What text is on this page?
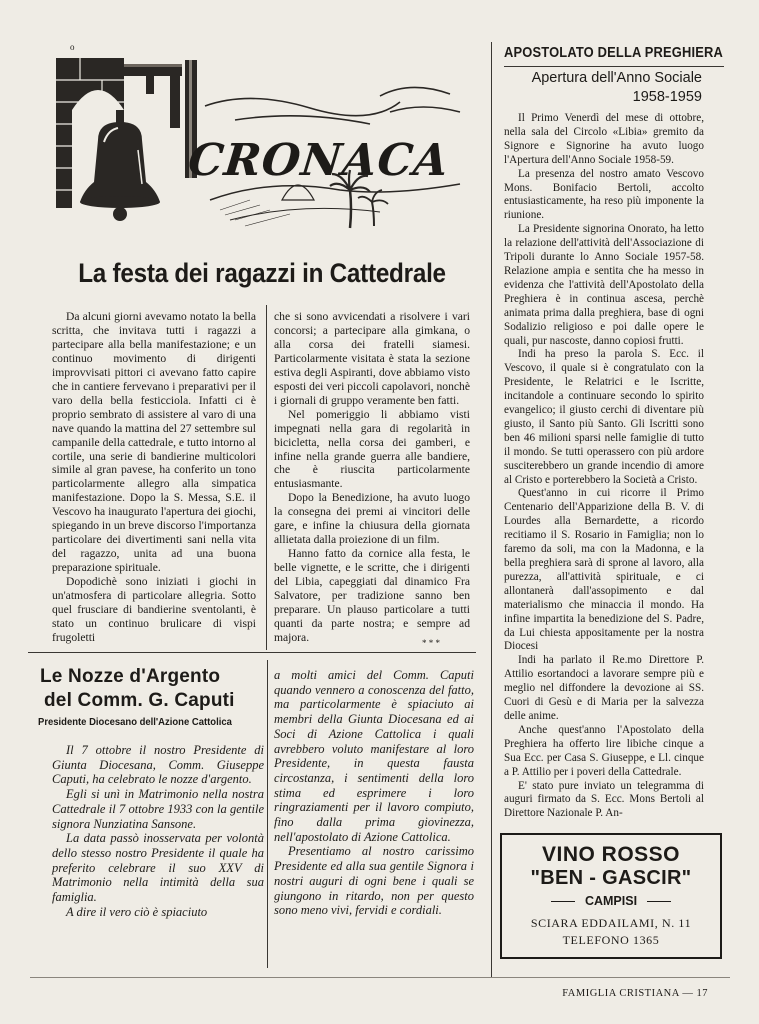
CRONACA
o
La festa dei ragazzi in Cattedrale

Da alcuni giorni avevamo notato la bella scritta, che invitava tutti i ragazzi a partecipare alla bella manifestazione; e un continuo movimento di dirigenti improvvisati pittori ci avevano fatto capire che in cantiere fervevano i preparativi per il varo della bella festicciola. Infatti ci è proprio sembrato di assistere al varo di una nave quando la mattina del 27 settembre sul campanile della cattedrale, e tutto intorno al cortile, una serie di bandierine multicolori simile al gran pavese, ha conferito un tono particolarmente allegro alla simpatica manifestazione. Dopo la S. Messa, S.E. il Vescovo ha inaugurato l'apertura dei giochi, spiegando in un breve discorso l'importanza particolare dei divertimenti sani nella vita del ragazzo, unita ad una buona preparazione spirituale.

Dopodichè sono iniziati i giochi in un'atmosfera di particolare allegria. Sotto quel frusciare di bandierine sventolanti, è stato un continuo brulicare di vispi frugoletti

che si sono avvicendati a risolvere i vari concorsi; a partecipare alla gimkana, o alla corsa dei fratelli siamesi. Particolarmente visitata è stata la sezione estiva degli Aspiranti, dove abbiamo visto esposti dei veri piccoli capolavori, nonchè i giornali di gruppo veramente ben fatti.

Nel pomeriggio li abbiamo visti impegnati nella gara di regolarità in bicicletta, nella corsa dei gamberi, e infine nella grande guerra alle bandiere, che è riuscita particolarmente entusiasmante.

Dopo la Benedizione, ha avuto luogo la consegna dei premi ai vincitori delle gare, e infine la chiusura della giornata allietata dalla proiezione di un film.

Hanno fatto da cornice alla festa, le belle vignette, e le scritte, che i dirigenti del Libia, capeggiati dal dinamico Fra Salvatore, per tradizione sanno ben preparare. Un plauso particolare a tutti quanti da parte nostra; e sempre ad majora.	* * *
Le Nozze d'Argento
del Comm. G. Caputi
Presidente Diocesano dell'Azione Cattolica

Il 7 ottobre il nostro Presidente di Giunta Diocesana, Comm. Giuseppe Caputi, ha celebrato le nozze d'argento.

Egli si unì in Matrimonio nella nostra Cattedrale il 7 ottobre 1933 con la gentile signora Nunziatina Sansone.

La data passò inosservata per volontà dello stesso nostro Presidente il quale ha preferito celebrare il suo XXV di Matrimonio nella intimità della sua famiglia.

A dire il vero ciò è spiaciuto

a molti amici del Comm. Caputi quando vennero a conoscenza del fatto, ma particolarmente è spiaciuto ai membri della Giunta Diocesana ed ai Soci di Azione Cattolica i quali avrebbero voluto manifestare al loro Presidente, in questa fausta circostanza, i sentimenti della loro stima ed esprimere i loro ringraziamenti per il lavoro compiuto, fino dalla prima giovinezza, nell'apostolato di Azione Cattolica.

Presentiamo al nostro carissimo Presidente ed alla sua gentile Signora i nostri auguri di ogni bene i quali se giungono in ritardo, non per questo sono meno vivi, fervidi e cordiali.

APOSTOLATO DELLA PREGHIERA
Apertura dell'Anno Sociale
1958-1959

Il Primo Venerdì del mese di ottobre, nella sala del Circolo «Libia» gremito da Signore e Signorine ha avuto luogo l'Apertura dell'Anno Sociale 1958-59.

La presenza del nostro amato Vescovo Mons. Bonifacio Bertoli, accolto entusiasticamente, ha reso più imponente la riunione.

La Presidente signorina Onorato, ha letto la relazione dell'attività dell'Associazione di Tripoli durante lo Anno Sociale 1957-58. Relazione ampia e sentita che ha messo in evidenza che l'attività dell'Apostolato della Preghiera è in continua ascesa, perchè animata prima dalla preghiera, base di ogni Sodalizio religioso e poi dalle opere le quali, pur nascoste, danno copiosi frutti.

Indi ha preso la parola S. Ecc. il Vescovo, il quale si è congratulato con la Presidente, le Relatrici e le Iscritte, incitandole a continuare secondo lo spirito evangelico; il giusto cerchi di diventare più giusto, il Santo più Santo. Gli Iscritti sono ben 46 milioni sparsi nelle famiglie di tutto il mondo. Se tutti operassero con più ardore susciterebbero un grande incendio di amore al Cristo e porterebbero la Società a Cristo.

Quest'anno in cui ricorre il Primo Centenario dell'Apparizione della B. V. di Lourdes alla Bernardette, a ricordo recitiamo il S. Rosario in Famiglia; non lo faremo da soli, ma con la Madonna, e la bella preghiera sarà di sprone al lavoro, alla purezza, all'attività spirituale, e ci allontanerà dall'assopimento e dal materialismo che minaccia il mondo. Ha infine impartita la benedizione del S. Padre, da Lui chiesta appositamente per la nostra Diocesi

Indi ha parlato il Re.mo Direttore P. Attilio esortandoci a lavorare sempre più e meglio nel diffondere la devozione ai SS. Cuori di Gesù e di Maria per la salvezza delle anime.

Anche quest'anno l'Apostolato della Preghiera ha offerto lire libiche cinque a Sua Ecc. per Casa S. Giuseppe, e Ll. cinque a P. Attilio per i poveri della Cattedrale.

E' stato pure inviato un telegramma di auguri firmato da S. Ecc. Mons Bertoli al Direttore Nazionale P. An-

VINO ROSSO
"BEN - GASCIR"
CAMPISI
SCIARA EDDAILAMI, N. 11
TELEFONO 1365
FAMIGLIA CRISTIANA — 17
